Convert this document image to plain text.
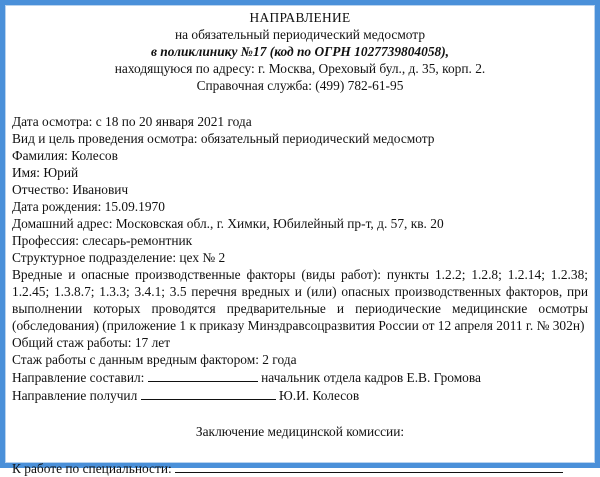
НАПРАВЛЕНИЕ
на обязательный периодический медосмотр
в поликлинику №17 (код по ОГРН 1027739804058),
находящуюся по адресу: г. Москва, Ореховый бул., д. 35, корп. 2.
Справочная служба: (499) 782-61-95
Дата осмотра: с 18 по 20 января 2021 года
Вид и цель проведения осмотра: обязательный периодический медосмотр
Фамилия: Колесов
Имя: Юрий
Отчество: Иванович
Дата рождения: 15.09.1970
Домашний адрес: Московская обл., г. Химки, Юбилейный пр-т, д. 57, кв. 20
Профессия: слесарь-ремонтник
Структурное подразделение: цех № 2
Вредные и опасные производственные факторы (виды работ): пункты 1.2.2; 1.2.8; 1.2.14; 1.2.38; 1.2.45; 1.3.8.7; 1.3.3; 3.4.1; 3.5 перечня вредных и (или) опасных производственных факторов, при выполнении которых проводятся предварительные и периодические медицинские осмотры (обследования) (приложение 1 к приказу Минздравсоцразвития России от 12 апреля 2011 г. № 302н)
Общий стаж работы: 17 лет
Стаж работы с данным вредным фактором: 2 года
Направление составил:	начальник отдела кадров Е.В. Громова
Направление получил	Ю.И. Колесов
Заключение медицинской комиссии:
К работе по специальности:
